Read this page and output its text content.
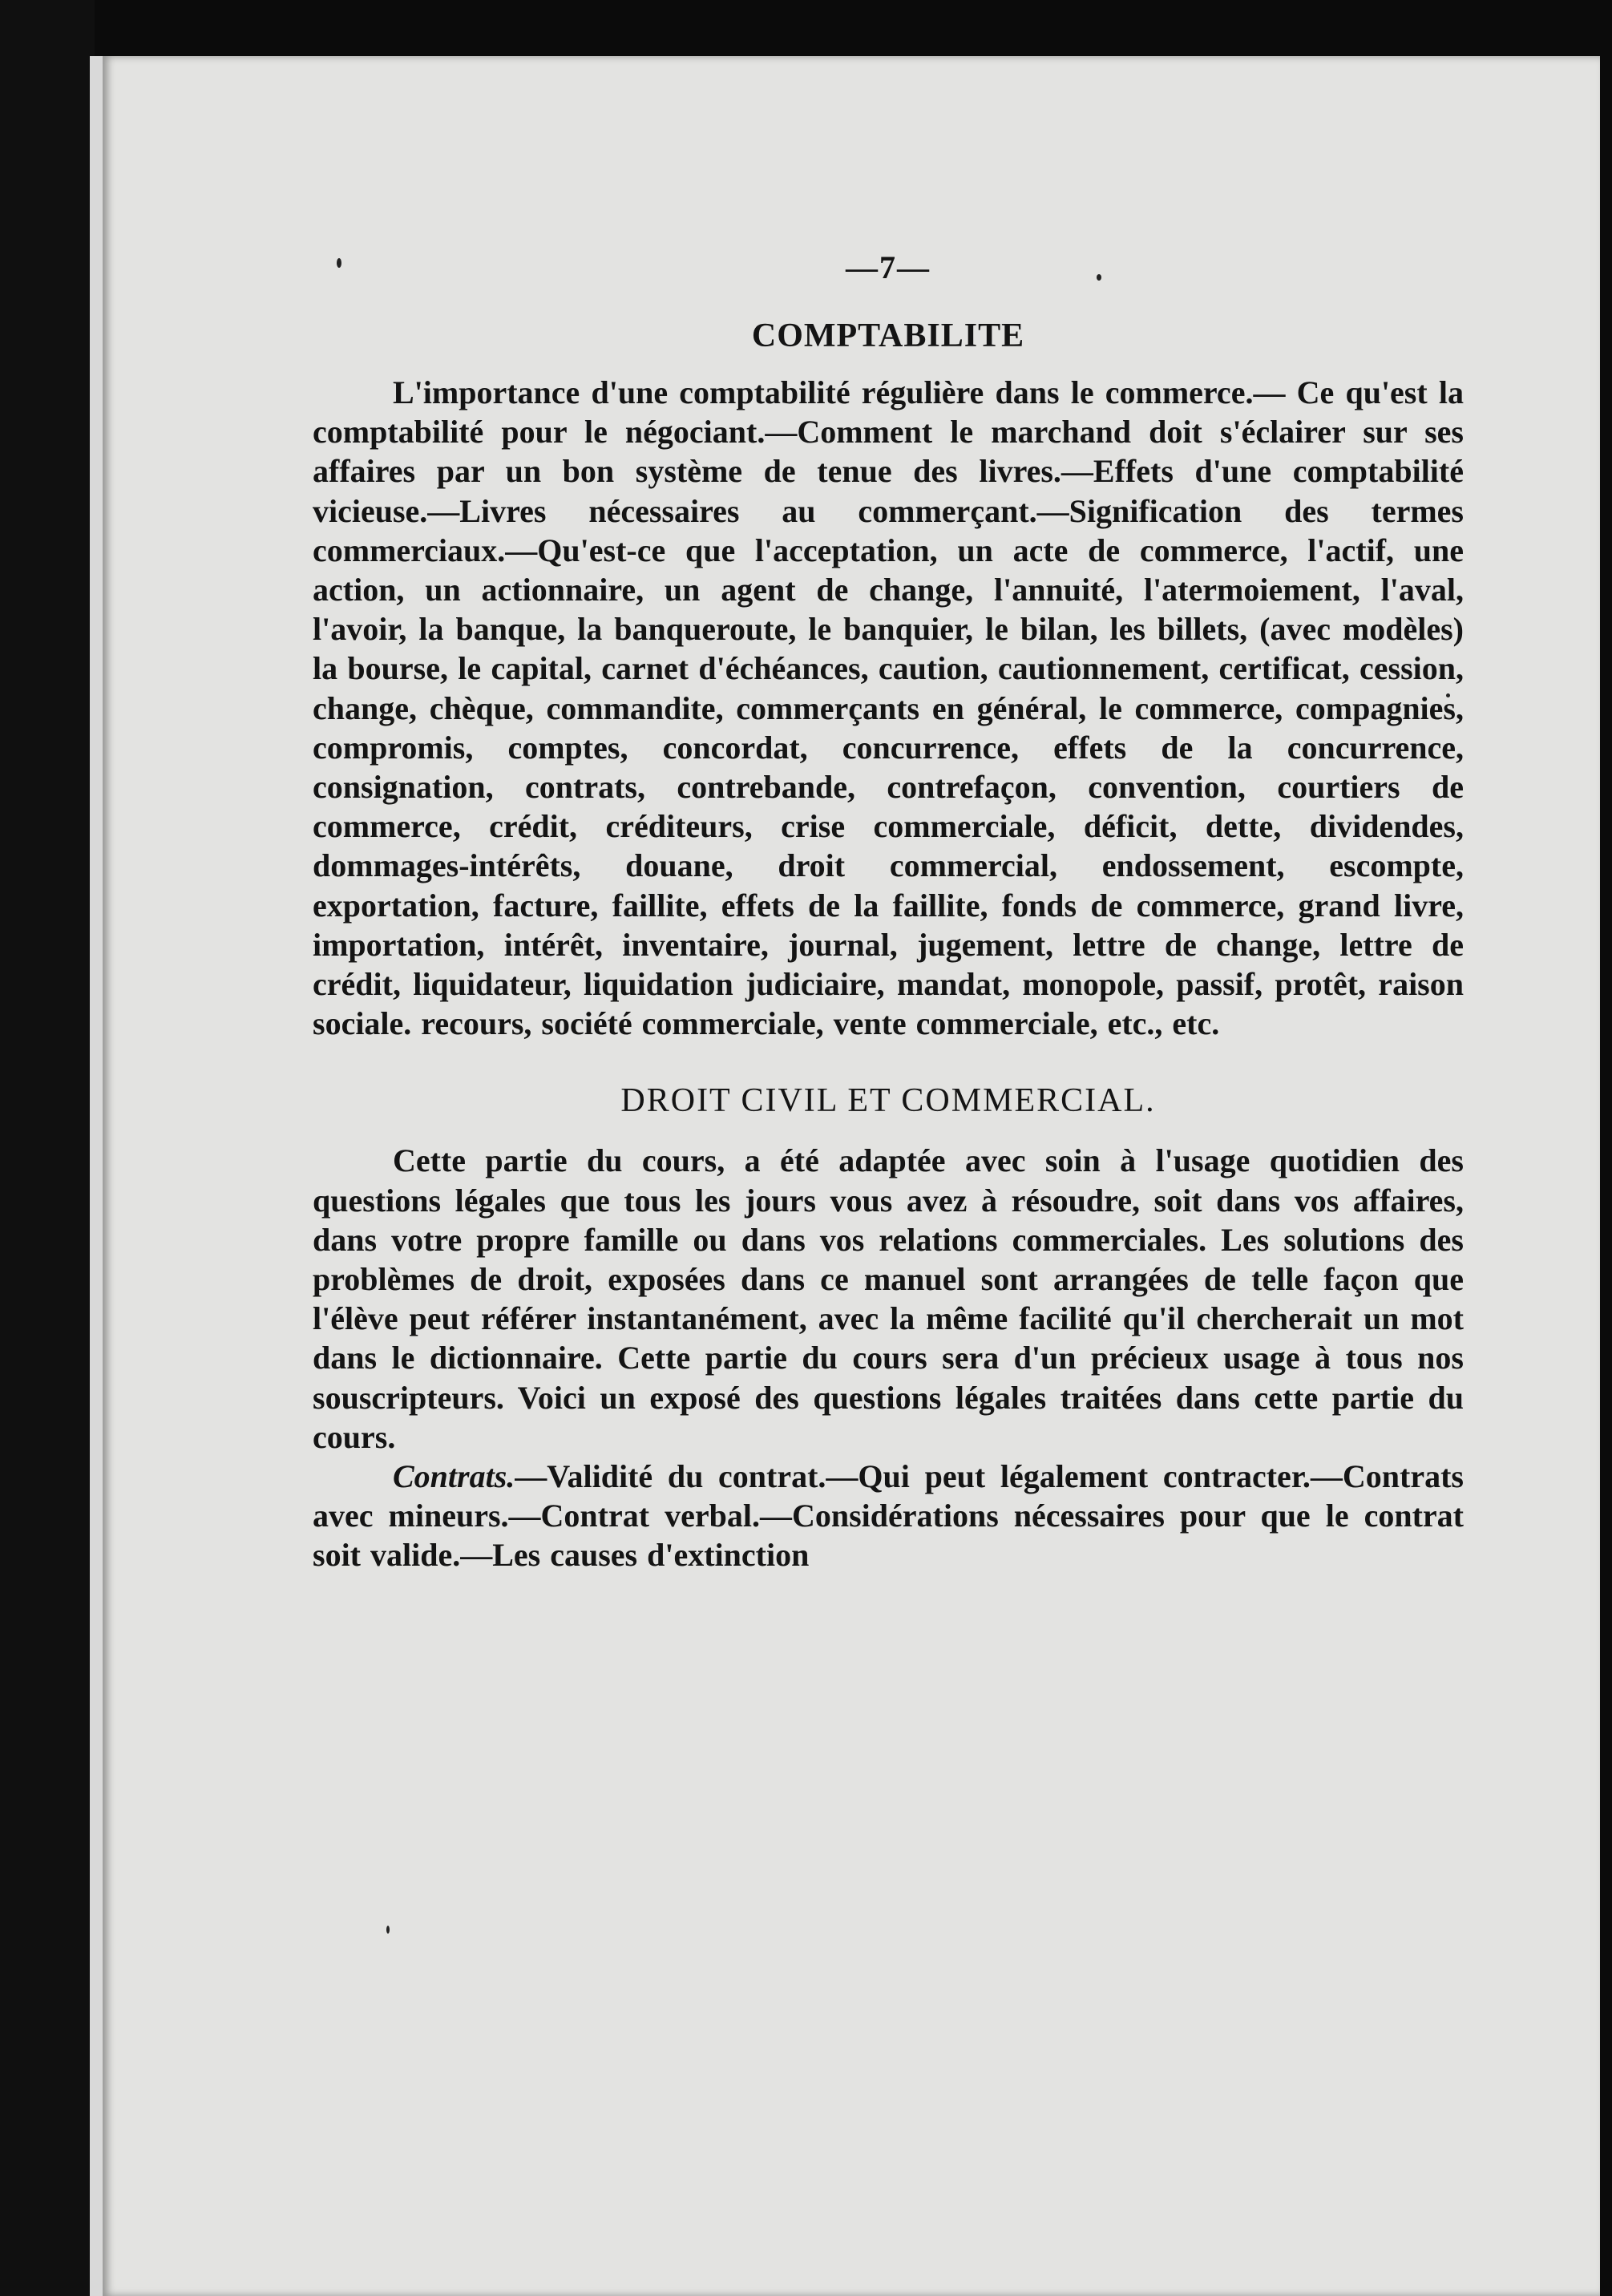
—7—
COMPTABILITE

L'importance d'une comptabilité régulière dans le commerce.— Ce qu'est la comptabilité pour le négociant.—Comment le marchand doit s'éclairer sur ses affaires par un bon système de tenue des livres.—Effets d'une comptabilité vicieuse.—Livres nécessaires au commerçant.—Signification des termes commerciaux.—Qu'est-ce que l'acceptation, un acte de commerce, l'actif, une action, un actionnaire, un agent de change, l'annuité, l'atermoiement, l'aval, l'avoir, la banque, la banqueroute, le banquier, le bilan, les billets, (avec modèles) la bourse, le capital, carnet d'échéances, caution, cautionnement, certificat, cession, change, chèque, commandite, commerçants en général, le commerce, compagnies, compromis, comptes, concordat, concurrence, effets de la concurrence, consignation, contrats, contrebande, contrefaçon, convention, courtiers de commerce, crédit, créditeurs, crise commerciale, déficit, dette, dividendes, dommages-intérêts, douane, droit commercial, endossement, escompte, exportation, facture, faillite, effets de la faillite, fonds de commerce, grand livre, importation, intérêt, inventaire, journal, jugement, lettre de change, lettre de crédit, liquidateur, liquidation judiciaire, mandat, monopole, passif, protêt, raison sociale. recours, société commerciale, vente commerciale, etc., etc.

DROIT CIVIL ET COMMERCIAL.

Cette partie du cours, a été adaptée avec soin à l'usage quotidien des questions légales que tous les jours vous avez à résoudre, soit dans vos affaires, dans votre propre famille ou dans vos relations commerciales. Les solutions des problèmes de droit, exposées dans ce manuel sont arrangées de telle façon que l'élève peut référer instantanément, avec la même facilité qu'il chercherait un mot dans le dictionnaire. Cette partie du cours sera d'un précieux usage à tous nos souscripteurs. Voici un exposé des questions légales traitées dans cette partie du cours.

Contrats.—Validité du contrat.—Qui peut légalement contracter.—Contrats avec mineurs.—Contrat verbal.—Considérations nécessaires pour que le contrat soit valide.—Les causes d'extinction
